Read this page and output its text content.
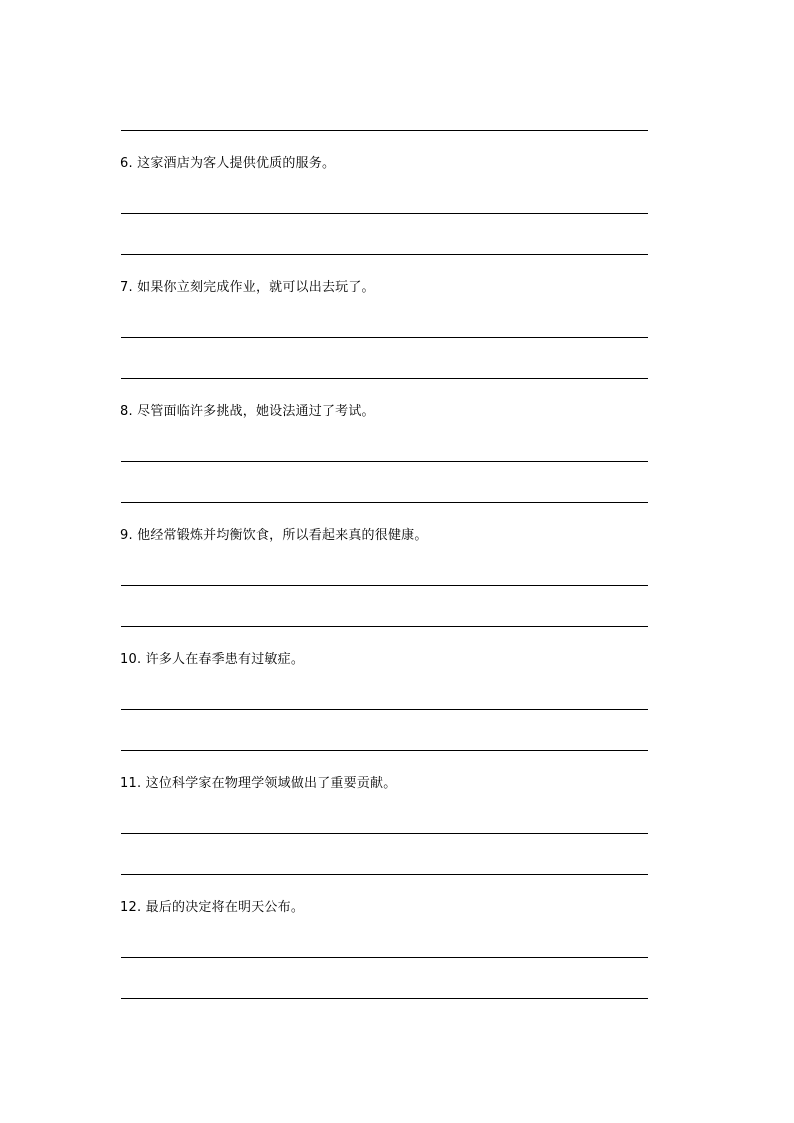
6. 这家酒店为客人提供优质的服务。
7. 如果你立刻完成作业，就可以出去玩了。
8. 尽管面临许多挑战，她设法通过了考试。
9. 他经常锻炼并均衡饮食，所以看起来真的很健康。
10. 许多人在春季患有过敏症。
11. 这位科学家在物理学领域做出了重要贡献。
12. 最后的决定将在明天公布。
